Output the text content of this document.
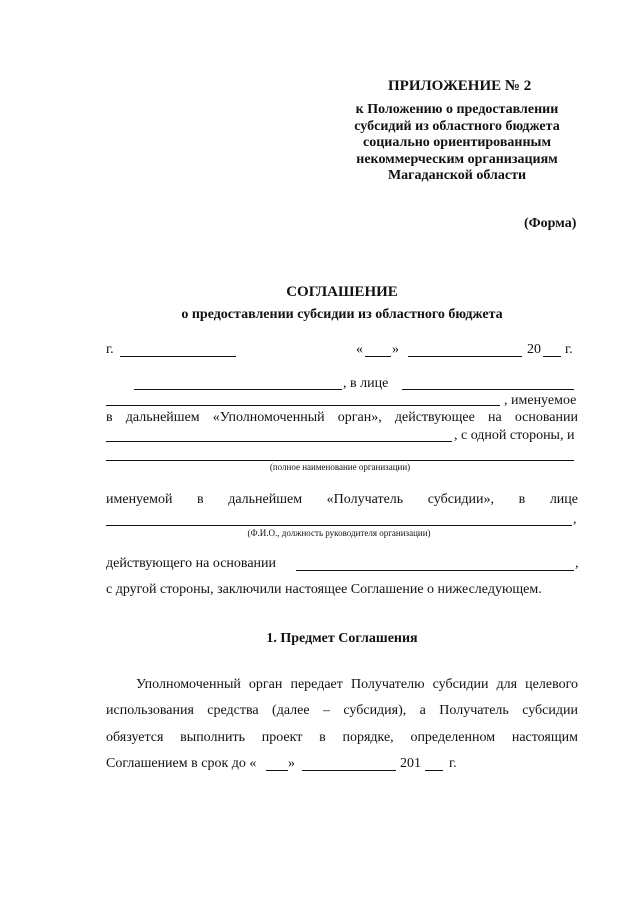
ПРИЛОЖЕНИЕ № 2
к Положению о предоставлении
субсидий из областного бюджета
социально ориентированным
некоммерческим организациям
Магаданской области
(Форма)
СОГЛАШЕНИЕ
о предоставлении субсидии из областного бюджета
г.	« »	20 г.
, в лице
, именуемое
в дальнейшем «Уполномоченный орган», действующее на основании
, с одной стороны, и
(полное наименование организации)
именуемой в дальнейшем «Получатель субсидии», в лице
,
(Ф.И.О., должность руководителя организации)
действующего на основании	,
с другой стороны, заключили настоящее Соглашение о нижеследующем.
1. Предмет Соглашения
Уполномоченный орган передает Получателю субсидии для целевого
использования средства (далее – субсидия), а Получатель субсидии
обязуется выполнить проект в порядке, определенном настоящим
Соглашением в срок до « »	201 г.
